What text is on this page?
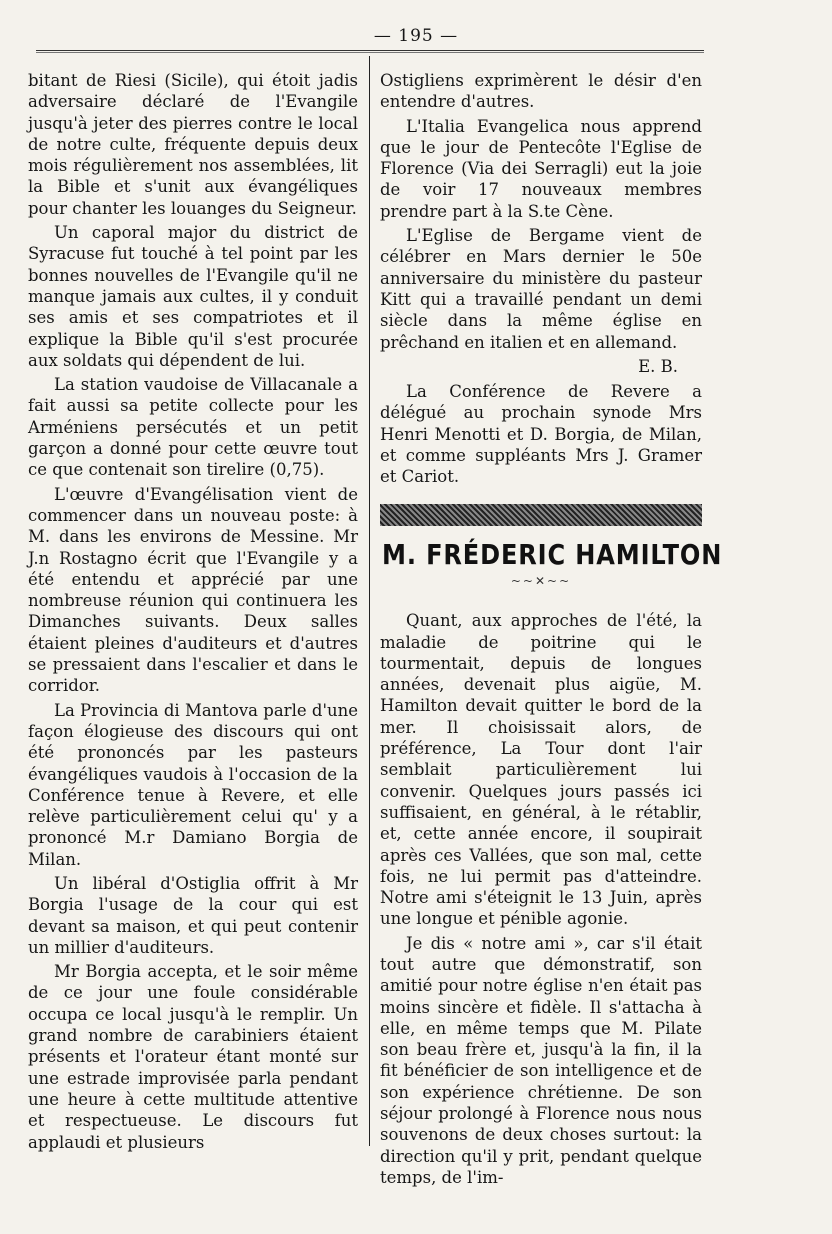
— 195 —

bitant de Riesi (Sicile), qui étoit jadis adversaire déclaré de l'Evangile jusqu'à jeter des pierres contre le local de notre culte, fréquente depuis deux mois régulièrement nos assemblées, lit la Bible et s'unit aux évangéliques pour chanter les louanges du Seigneur.

Un caporal major du district de Syracuse fut touché à tel point par les bonnes nouvelles de l'Evangile qu'il ne manque jamais aux cultes, il y conduit ses amis et ses compatriotes et il explique la Bible qu'il s'est procurée aux soldats qui dépendent de lui.

La station vaudoise de Villacanale a fait aussi sa petite collecte pour les Arméniens persécutés et un petit garçon a donné pour cette œuvre tout ce que contenait son tirelire (0,75).

L'œuvre d'Evangélisation vient de commencer dans un nouveau poste: à M. dans les environs de Messine. Mr J.n Rostagno écrit que l'Evangile y a été entendu et apprécié par une nombreuse réunion qui continuera les Dimanches suivants. Deux salles étaient pleines d'auditeurs et d'autres se pressaient dans l'escalier et dans le corridor.

La Provincia di Mantova parle d'une façon élogieuse des discours qui ont été prononcés par les pasteurs évangéliques vaudois à l'occasion de la Conférence tenue à Revere, et elle relève particulièrement celui qu' y a prononcé M.r Damiano Borgia de Milan.

Un libéral d'Ostiglia offrit à Mr Borgia l'usage de la cour qui est devant sa maison, et qui peut contenir un millier d'auditeurs.

Mr Borgia accepta, et le soir même de ce jour une foule considérable occupa ce local jusqu'à le remplir. Un grand nombre de carabiniers étaient présents et l'orateur étant monté sur une estrade improvisée parla pendant une heure à cette multitude attentive et respectueuse. Le discours fut applaudi et plusieurs

Ostigliens exprimèrent le désir d'en entendre d'autres.

L'Italia Evangelica nous apprend que le jour de Pentecôte l'Eglise de Florence (Via dei Serragli) eut la joie de voir 17 nouveaux membres prendre part à la S.te Cène.

L'Eglise de Bergame vient de célébrer en Mars dernier le 50e anniversaire du ministère du pasteur Kitt qui a travaillé pendant un demi siècle dans la même église en prêchand en italien et en allemand.

E. B.

La Conférence de Revere a délégué au prochain synode Mrs Henri Menotti et D. Borgia, de Milan, et comme suppléants Mrs J. Gramer et Cariot.

M. FRÉDERIC HAMILTON
~~✕~~

Quant, aux approches de l'été, la maladie de poitrine qui le tourmentait, depuis de longues années, devenait plus aigüe, M. Hamilton devait quitter le bord de la mer. Il choisissait alors, de préférence, La Tour dont l'air semblait particulièrement lui convenir. Quelques jours passés ici suffisaient, en général, à le rétablir, et, cette année encore, il soupirait après ces Vallées, que son mal, cette fois, ne lui permit pas d'atteindre. Notre ami s'éteignit le 13 Juin, après une longue et pénible agonie.

Je dis « notre ami », car s'il était tout autre que démonstratif, son amitié pour notre église n'en était pas moins sincère et fidèle. Il s'attacha à elle, en même temps que M. Pilate son beau frère et, jusqu'à la fin, il la fit bénéficier de son intelligence et de son expérience chrétienne. De son séjour prolongé à Florence nous nous souvenons de deux choses surtout: la direction qu'il y prit, pendant quelque temps, de l'im-
